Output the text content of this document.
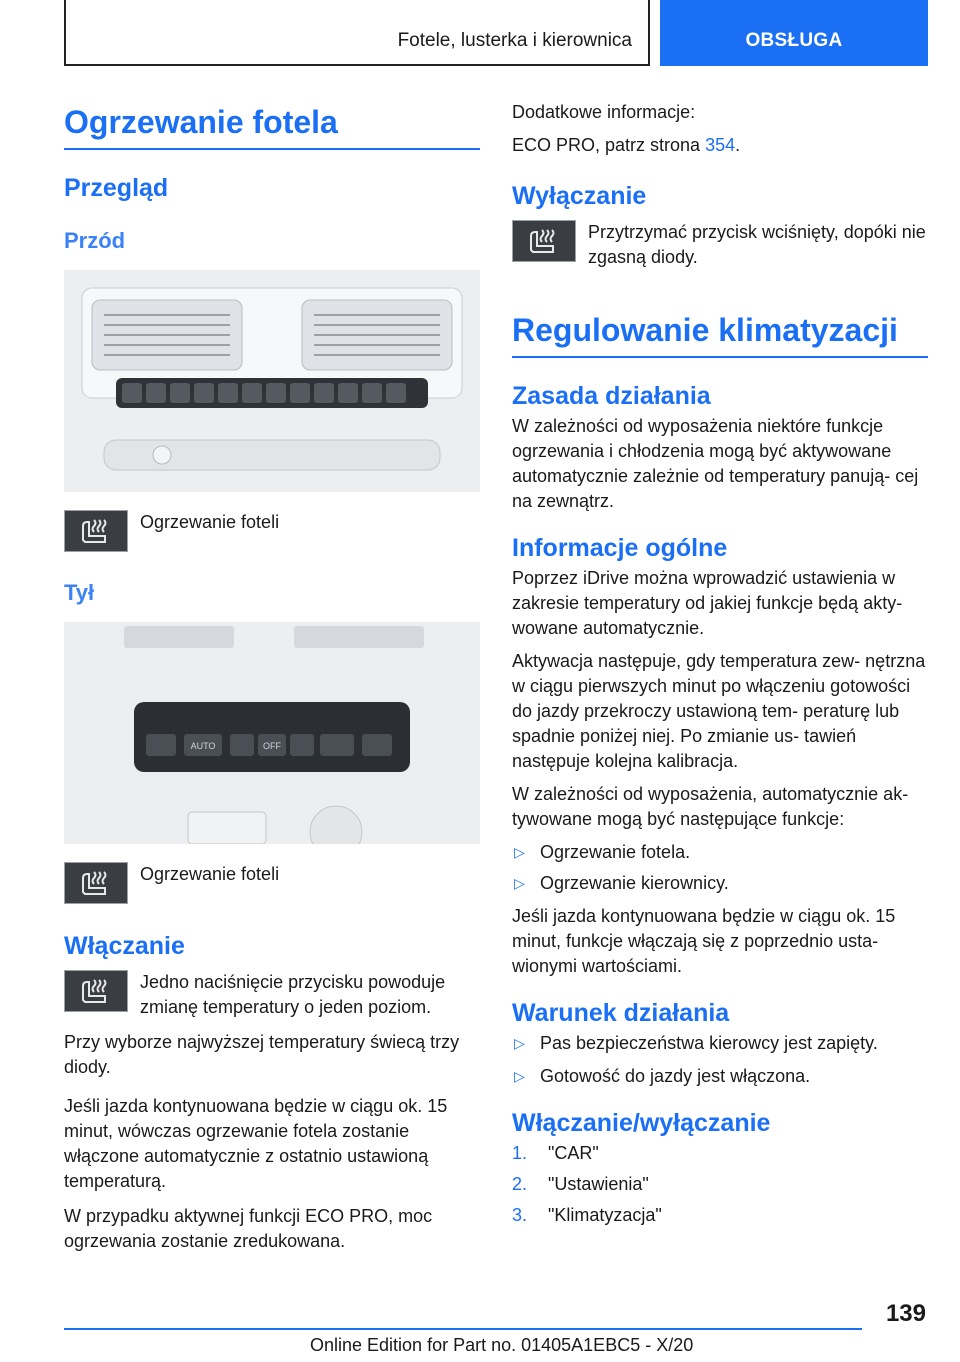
Fotele, lusterka i kierownica	OBSŁUGA
Ogrzewanie fotela
Przegląd
Przód
Ogrzewanie foteli
Tył
AUTO	OFF
Ogrzewanie foteli
Włączanie
Jedno naciśnięcie przycisku powoduje zmianę temperatury o jeden poziom.

Przy wyborze najwyższej temperatury świecą trzy diody.

Jeśli jazda kontynuowana będzie w ciągu ok. 15 minut, wówczas ogrzewanie fotela zostanie włączone automatycznie z ostatnio ustawioną temperaturą.

W przypadku aktywnej funkcji ECO PRO, moc ogrzewania zostanie zredukowana.

Dodatkowe informacje:

ECO PRO, patrz strona 354.

Wyłączanie
Przytrzymać przycisk wciśnięty, dopóki nie zgasną diody.
Regulowanie klimatyzacji
Zasada działania

W zależności od wyposażenia niektóre funkcje ogrzewania i chłodzenia mogą być aktywowane automatycznie zależnie od temperatury panują- cej na zewnątrz.

Informacje ogólne

Poprzez iDrive można wprowadzić ustawienia w zakresie temperatury od jakiej funkcje będą akty- wowane automatycznie.

Aktywacja następuje, gdy temperatura zew- nętrzna w ciągu pierwszych minut po włączeniu gotowości do jazdy przekroczy ustawioną tem- peraturę lub spadnie poniżej niej. Po zmianie us- tawień następuje kolejna kalibracja.

W zależności od wyposażenia, automatycznie ak- tywowane mogą być następujące funkcje:

▷ Ogrzewanie fotela.
▷ Ogrzewanie kierownicy.

Jeśli jazda kontynuowana będzie w ciągu ok. 15 minut, funkcje włączają się z poprzednio usta- wionymi wartościami.

Warunek działania
▷ Pas bezpieczeństwa kierowcy jest zapięty.
▷ Gotowość do jazdy jest włączona.
Włączanie/wyłączanie
1.	"CAR"
2.	"Ustawienia"
3.	"Klimatyzacja"
139
Online Edition for Part no. 01405A1EBC5 - X/20
